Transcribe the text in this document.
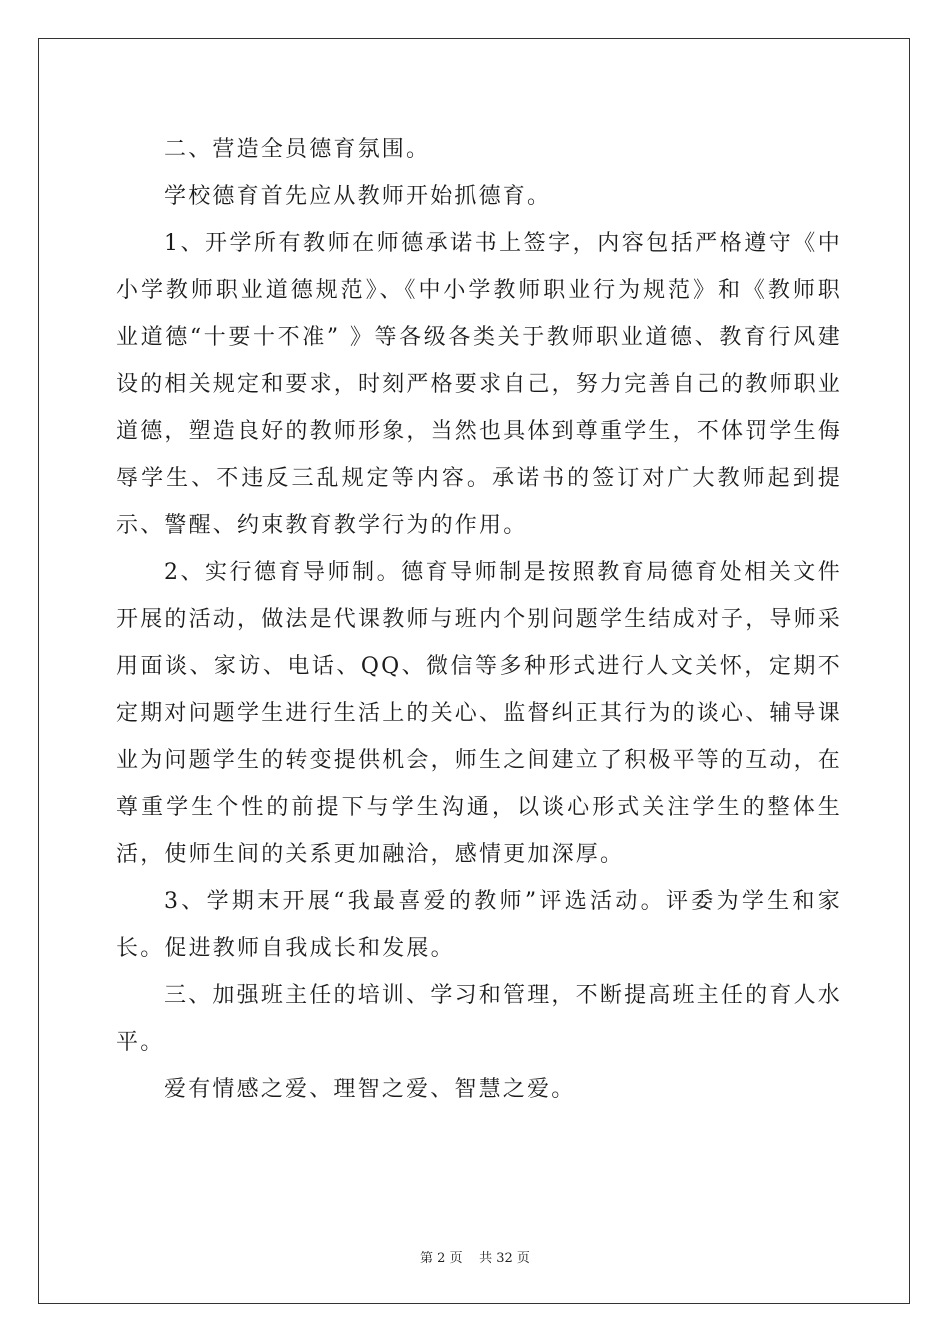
二、营造全员德育氛围。

学校德育首先应从教师开始抓德育。

1、开学所有教师在师德承诺书上签字，内容包括严格遵守《中小学教师职业道德规范》、《中小学教师职业行为规范》和《教师职业道德“十要十不准” 》等各级各类关于教师职业道德、教育行风建设的相关规定和要求，时刻严格要求自己，努力完善自己的教师职业道德，塑造良好的教师形象，当然也具体到尊重学生，不体罚学生侮辱学生、不违反三乱规定等内容。承诺书的签订对广大教师起到提示、警醒、约束教育教学行为的作用。

2、实行德育导师制。德育导师制是按照教育局德育处相关文件开展的活动，做法是代课教师与班内个别问题学生结成对子，导师采用面谈、家访、电话、QQ、微信等多种形式进行人文关怀，定期不定期对问题学生进行生活上的关心、监督纠正其行为的谈心、辅导课业为问题学生的转变提供机会，师生之间建立了积极平等的互动，在尊重学生个性的前提下与学生沟通，以谈心形式关注学生的整体生活，使师生间的关系更加融洽，感情更加深厚。

3、学期末开展“我最喜爱的教师”评选活动。评委为学生和家长。促进教师自我成长和发展。

三、加强班主任的培训、学习和管理，不断提高班主任的育人水平。

爱有情感之爱、理智之爱、智慧之爱。

第 2 页 共 32 页
